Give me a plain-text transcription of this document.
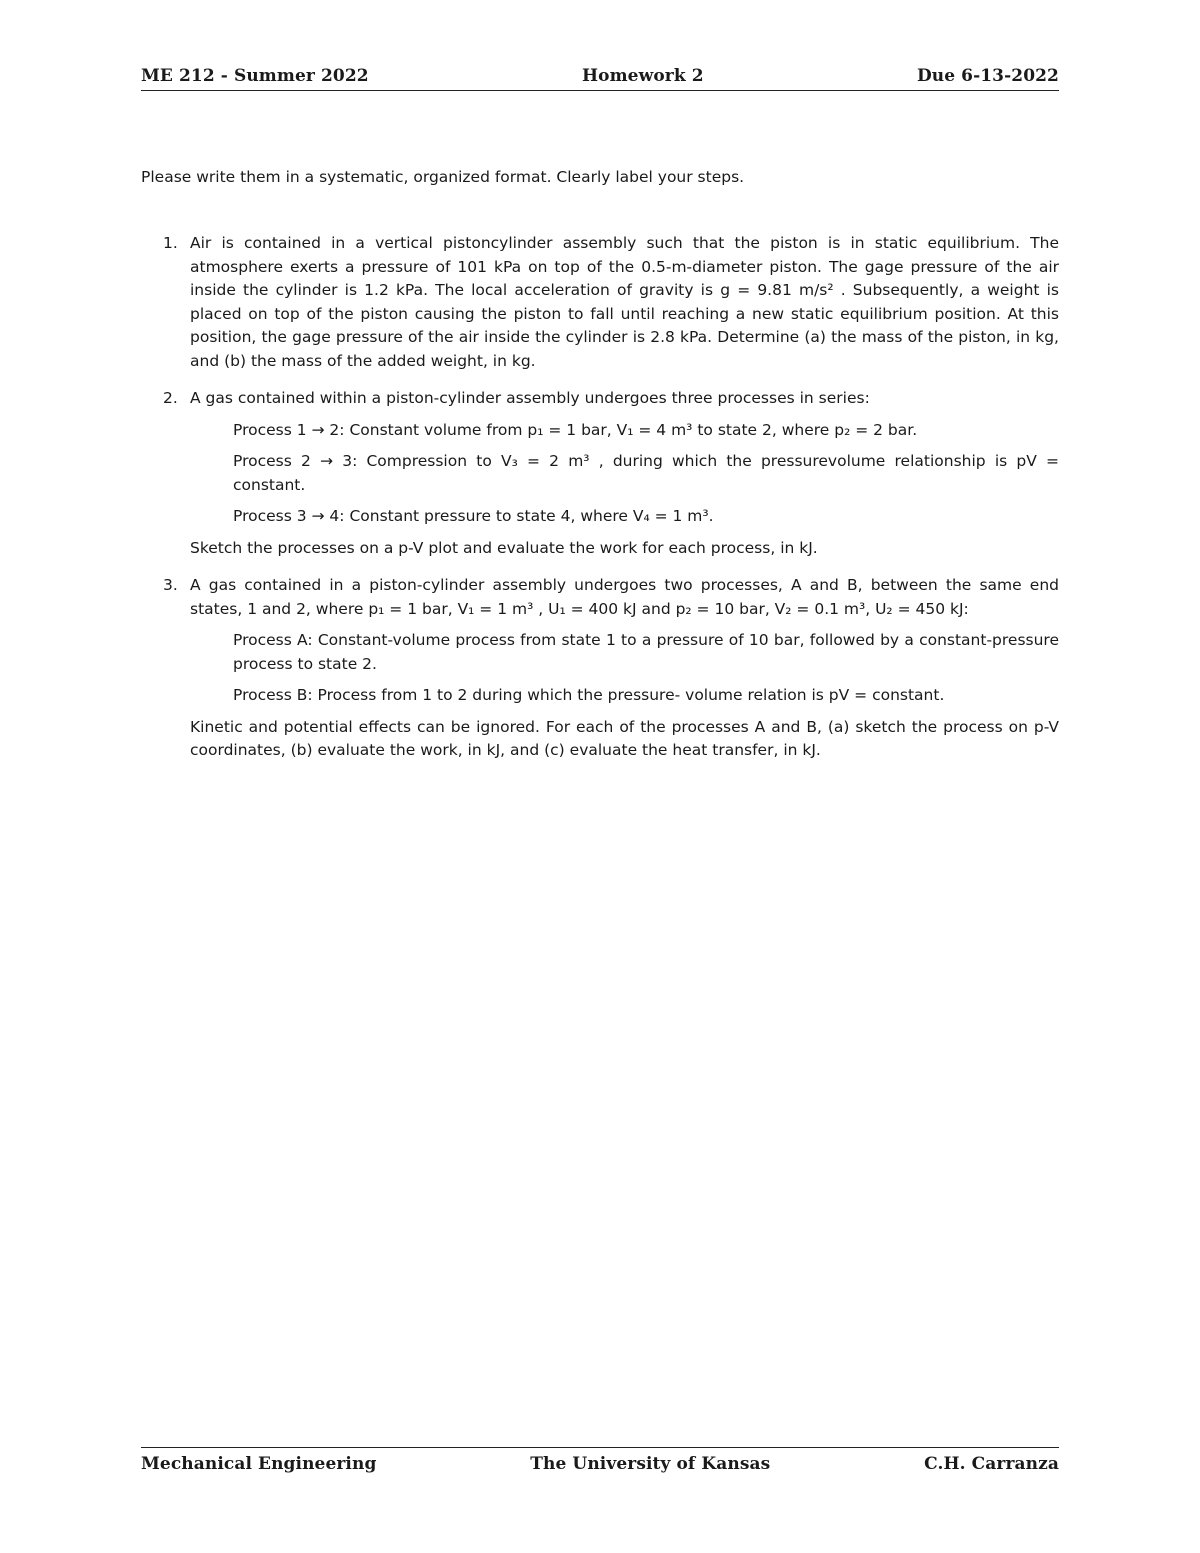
ME 212 - Summer 2022	Homework 2	Due 6-13-2022
Please write them in a systematic, organized format. Clearly label your steps.
1. Air is contained in a vertical pistoncylinder assembly such that the piston is in static equilibrium. The atmosphere exerts a pressure of 101 kPa on top of the 0.5-m-diameter piston. The gage pressure of the air inside the cylinder is 1.2 kPa. The local acceleration of gravity is g = 9.81 m/s² . Subsequently, a weight is placed on top of the piston causing the piston to fall until reaching a new static equilibrium position. At this position, the gage pressure of the air inside the cylinder is 2.8 kPa. Determine (a) the mass of the piston, in kg, and (b) the mass of the added weight, in kg.
2. A gas contained within a piston-cylinder assembly undergoes three processes in series:
Process 1 → 2: Constant volume from p₁ = 1 bar, V₁ = 4 m³ to state 2, where p₂ = 2 bar.
Process 2 → 3: Compression to V₃ = 2 m³ , during which the pressurevolume relationship is pV = constant.
Process 3 → 4: Constant pressure to state 4, where V₄ = 1 m³.
Sketch the processes on a p-V plot and evaluate the work for each process, in kJ.
3. A gas contained in a piston-cylinder assembly undergoes two processes, A and B, between the same end states, 1 and 2, where p₁ = 1 bar, V₁ = 1 m³ , U₁ = 400 kJ and p₂ = 10 bar, V₂ = 0.1 m³, U₂ = 450 kJ:
Process A: Constant-volume process from state 1 to a pressure of 10 bar, followed by a constant-pressure process to state 2.
Process B: Process from 1 to 2 during which the pressure- volume relation is pV = constant.
Kinetic and potential effects can be ignored. For each of the processes A and B, (a) sketch the process on p-V coordinates, (b) evaluate the work, in kJ, and (c) evaluate the heat transfer, in kJ.
Mechanical Engineering	The University of Kansas	C.H. Carranza
